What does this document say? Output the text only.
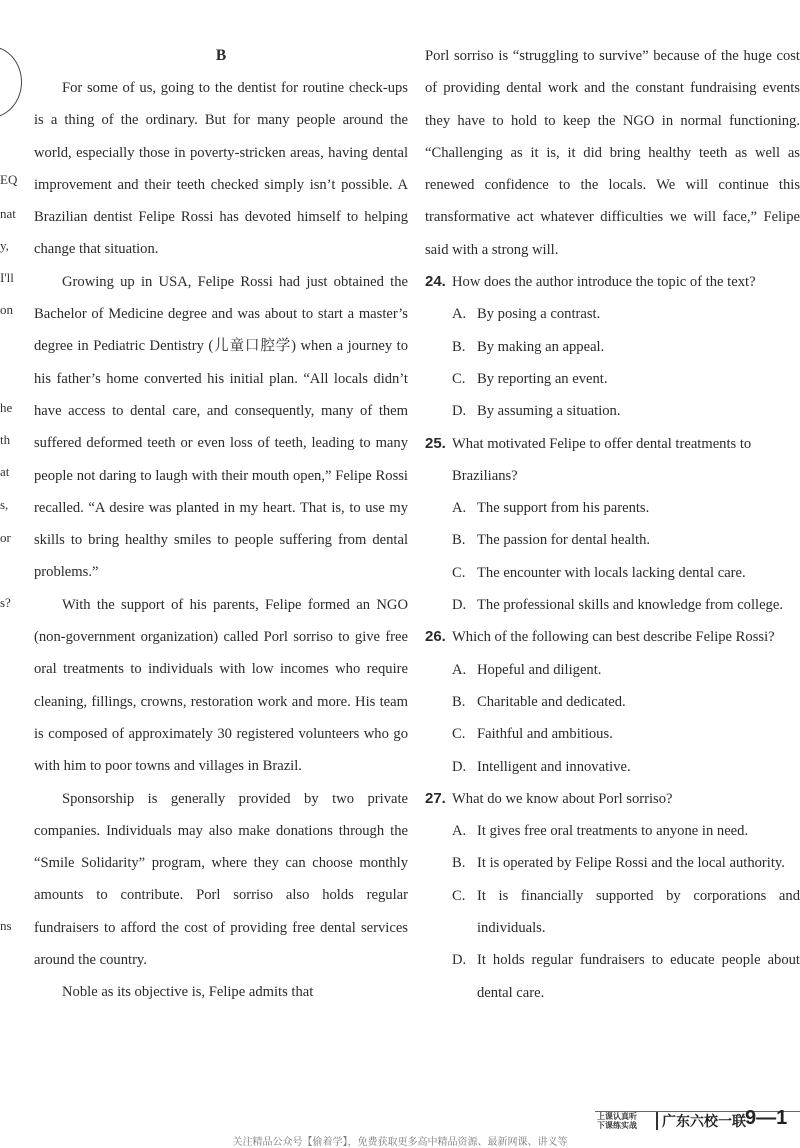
EQ
nat
y,
I'll
on
he
th
at
s,
or
s?
ns
B

For some of us, going to the dentist for routine check-ups is a thing of the ordinary. But for many people around the world, especially those in poverty-stricken areas, having dental improvement and their teeth checked simply isn’t possible. A Brazilian dentist Felipe Rossi has devoted himself to helping change that situation.

Growing up in USA, Felipe Rossi had just obtained the Bachelor of Medicine degree and was about to start a master’s degree in Pediatric Dentistry (儿童口腔学) when a journey to his father’s home converted his initial plan. “All locals didn’t have access to dental care, and consequently, many of them suffered deformed teeth or even loss of teeth, leading to many people not daring to laugh with their mouth open,” Felipe Rossi recalled. “A desire was planted in my heart. That is, to use my skills to bring healthy smiles to people suffering from dental problems.”

With the support of his parents, Felipe formed an NGO (non-government organization) called Porl sorriso to give free oral treatments to individuals with low incomes who require cleaning, fillings, crowns, restoration work and more. His team is composed of approximately 30 registered volunteers who go with him to poor towns and villages in Brazil.

Sponsorship is generally provided by two private companies. Individuals may also make donations through the “Smile Solidarity” program, where they can choose monthly amounts to contribute. Porl sorriso also holds regular fundraisers to afford the cost of providing free dental services around the country.

Noble as its objective is, Felipe admits that

Porl sorriso is “struggling to survive” because of the huge cost of providing dental work and the constant fundraising events they have to hold to keep the NGO in normal functioning. “Challenging as it is, it did bring healthy teeth as well as renewed confidence to the locals. We will continue this transformative act whatever difficulties we will face,” Felipe said with a strong will.

24. How does the author introduce the topic of the text?

A. By posing a contrast.

B. By making an appeal.

C. By reporting an event.

D. By assuming a situation.

25. What motivated Felipe to offer dental treatments to Brazilians?

A. The support from his parents.

B. The passion for dental health.

C. The encounter with locals lacking dental care.

D. The professional skills and knowledge from college.

26. Which of the following can best describe Felipe Rossi?

A. Hopeful and diligent.

B. Charitable and dedicated.

C. Faithful and ambitious.

D. Intelligent and innovative.

27. What do we know about Porl sorriso?

A. It gives free oral treatments to anyone in need.

B. It is operated by Felipe Rossi and the local authority.

C. It is financially supported by corporations and individuals.

D. It holds regular fundraisers to educate people about dental care.

上课认真听
下课练实战 广东六校一联 9—1
关注精品公众号【偷着学】，免费获取更多高中精品资源、最新网课、讲义等
